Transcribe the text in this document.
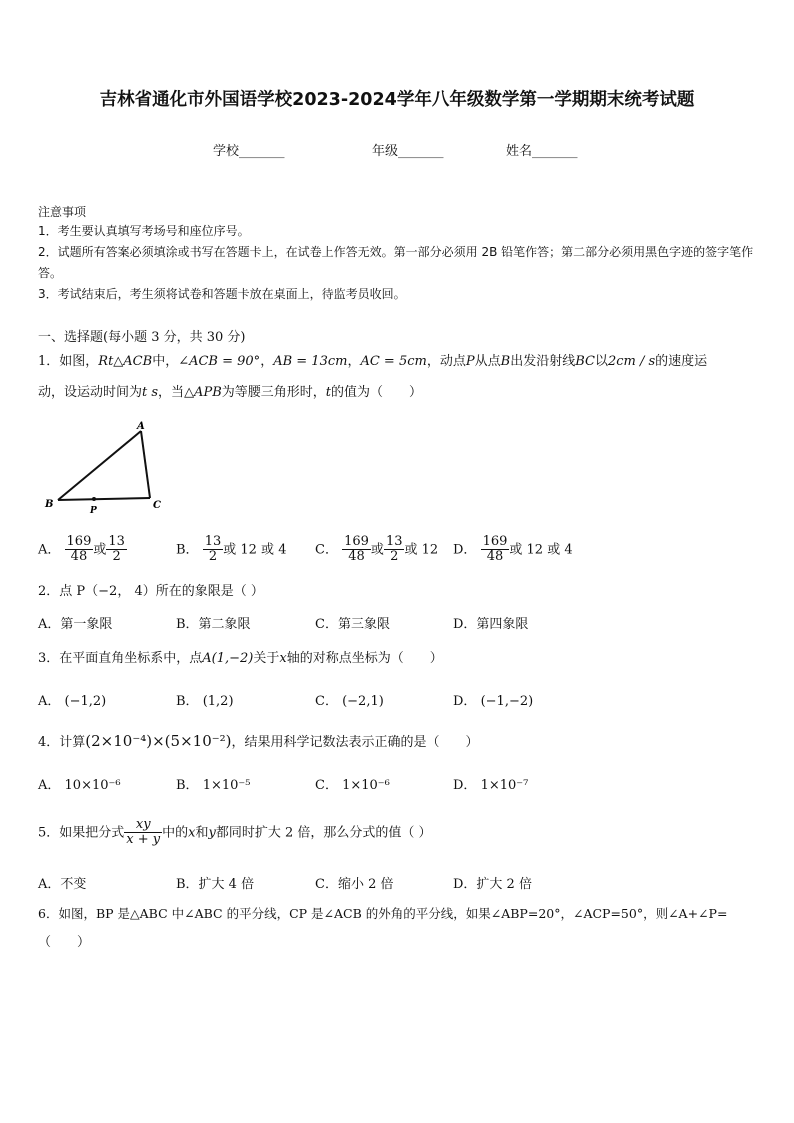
吉林省通化市外国语学校2023-2024学年八年级数学第一学期期末统考试题
学校_______	年级_______	姓名_______
注意事项
1．考生要认真填写考场号和座位序号。
2．试题所有答案必须填涂或书写在答题卡上，在试卷上作答无效。第一部分必须用 2B 铅笔作答；第二部分必须用黑色字迹的签字笔作答。
3．考试结束后，考生须将试卷和答题卡放在桌面上，待监考员收回。
一、选择题(每小题 3 分，共 30 分)
1．如图，Rt△ACB中，∠ACB = 90°，AB = 13cm，AC = 5cm，动点P从点B出发沿射线BC以2cm / s的速度运
动，设运动时间为t s，当△APB为等腰三角形时，t的值为（　　）
A
B	C
P
A． $\frac{169}{48}$ 或 $\frac{13}{2}$	B． $\frac{13}{2}$ 或 12 或 4 C． $\frac{169}{48}$ 或 $\frac{13}{2}$ 或 12 D． $\frac{169}{48}$ 或 12 或 4
2．点 P（−2， 4）所在的象限是（ ）
A．第一象限	B．第二象限	C．第三象限	D．第四象限
3．在平面直角坐标系中，点A(1,−2)关于x轴的对称点坐标为（　　）
A． (−1,2)	B． (1,2)	C． (−2,1)	D． (−1,−2)
4．计算(2×10⁻⁴)×(5×10⁻²)，结果用科学记数法表示正确的是（　　）
A． 10×10⁻⁶	B． 1×10⁻⁵	C． 1×10⁻⁶	D． 1×10⁻⁷
5．如果把分式 $\frac{xy}{x + y}$ 中的x和y都同时扩大 2 倍，那么分式的值（ ）
A．不变	B．扩大 4 倍	C．缩小 2 倍	D．扩大 2 倍
6．如图，BP 是△ABC 中∠ABC 的平分线，CP 是∠ACB 的外角的平分线，如果∠ABP=20°，∠ACP=50°，则∠A+∠P=
（　　）
